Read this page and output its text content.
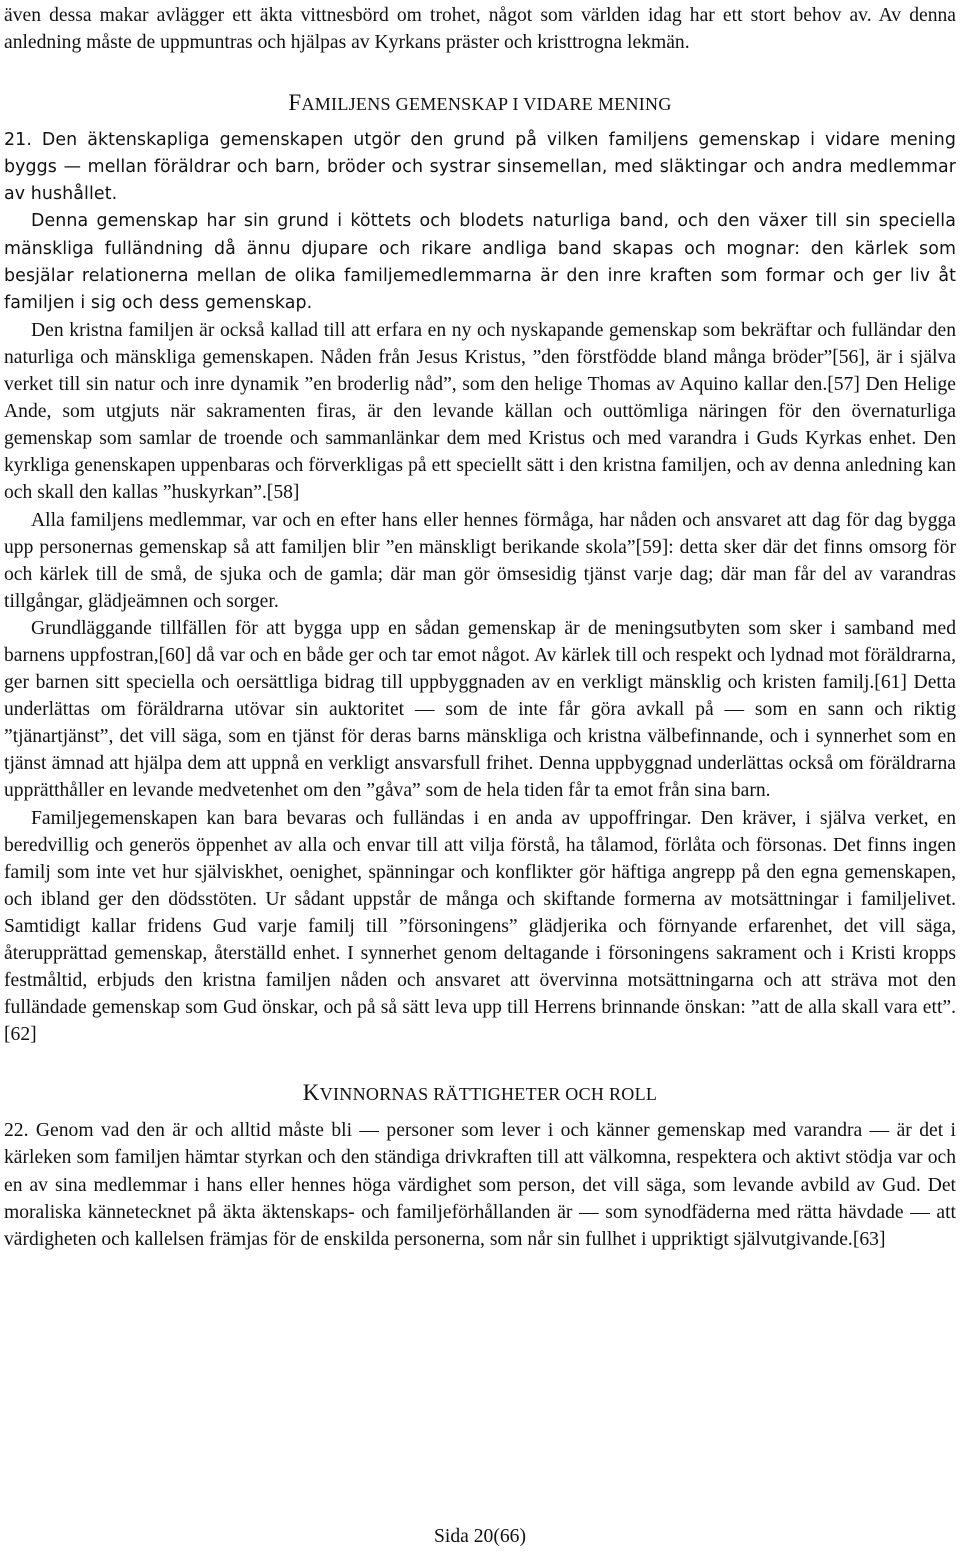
även dessa makar avlägger ett äkta vittnesbörd om trohet, något som världen idag har ett stort behov av. Av denna anledning måste de uppmuntras och hjälpas av Kyrkans präster och kristtrogna lekmän.

FAMILJENS GEMENSKAP I VIDARE MENING

21. Den äktenskapliga gemenskapen utgör den grund på vilken familjens gemenskap i vidare mening byggs — mellan föräldrar och barn, bröder och systrar sinsemellan, med släktingar och andra medlemmar av hushållet.

Denna gemenskap har sin grund i köttets och blodets naturliga band, och den växer till sin speciella mänskliga fulländning då ännu djupare och rikare andliga band skapas och mognar: den kärlek som besjälar relationerna mellan de olika familjemedlemmarna är den inre kraften som formar och ger liv åt familjen i sig och dess gemenskap.

Den kristna familjen är också kallad till att erfara en ny och nyskapande gemenskap som bekräftar och fulländar den naturliga och mänskliga gemenskapen. Nåden från Jesus Kristus, ”den förstfödde bland många bröder”[56], är i själva verket till sin natur och inre dynamik ”en broderlig nåd”, som den helige Thomas av Aquino kallar den.[57] Den Helige Ande, som utgjuts när sakramenten firas, är den levande källan och outtömliga näringen för den övernaturliga gemenskap som samlar de troende och sammanlänkar dem med Kristus och med varandra i Guds Kyrkas enhet. Den kyrkliga genenskapen uppenbaras och förverkligas på ett speciellt sätt i den kristna familjen, och av denna anledning kan och skall den kallas ”huskyrkan”.[58]

Alla familjens medlemmar, var och en efter hans eller hennes förmåga, har nåden och ansvaret att dag för dag bygga upp personernas gemenskap så att familjen blir ”en mänskligt berikande skola”[59]: detta sker där det finns omsorg för och kärlek till de små, de sjuka och de gamla; där man gör ömsesidig tjänst varje dag; där man får del av varandras tillgångar, glädjeämnen och sorger.

Grundläggande tillfällen för att bygga upp en sådan gemenskap är de meningsutbyten som sker i samband med barnens uppfostran,[60] då var och en både ger och tar emot något. Av kärlek till och respekt och lydnad mot föräldrarna, ger barnen sitt speciella och oersättliga bidrag till uppbyggnaden av en verkligt mänsklig och kristen familj.[61] Detta underlättas om föräldrarna utövar sin auktoritet — som de inte får göra avkall på — som en sann och riktig ”tjänartjänst”, det vill säga, som en tjänst för deras barns mänskliga och kristna välbefinnande, och i synnerhet som en tjänst ämnad att hjälpa dem att uppnå en verkligt ansvarsfull frihet. Denna uppbyggnad underlättas också om föräldrarna upprätthåller en levande medvetenhet om den ”gåva” som de hela tiden får ta emot från sina barn.

Familjegemenskapen kan bara bevaras och fulländas i en anda av uppoffringar. Den kräver, i själva verket, en beredvillig och generös öppenhet av alla och envar till att vilja förstå, ha tålamod, förlåta och försonas. Det finns ingen familj som inte vet hur själviskhet, oenighet, spänningar och konflikter gör häftiga angrepp på den egna gemenskapen, och ibland ger den dödsstöten. Ur sådant uppstår de många och skiftande formerna av motsättningar i familjelivet. Samtidigt kallar fridens Gud varje familj till ”försoningens” glädjerika och förnyande erfarenhet, det vill säga, återupprättad gemenskap, återställd enhet. I synnerhet genom deltagande i försoningens sakrament och i Kristi kropps festmåltid, erbjuds den kristna familjen nåden och ansvaret att övervinna motsättningarna och att sträva mot den fulländade gemenskap som Gud önskar, och på så sätt leva upp till Herrens brinnande önskan: ”att de alla skall vara ett”.[62]

KVINNORNAS RÄTTIGHETER OCH ROLL

22. Genom vad den är och alltid måste bli — personer som lever i och känner gemenskap med varandra — är det i kärleken som familjen hämtar styrkan och den ständiga drivkraften till att välkomna, respektera och aktivt stödja var och en av sina medlemmar i hans eller hennes höga värdighet som person, det vill säga, som levande avbild av Gud. Det moraliska kännetecknet på äkta äktenskaps- och familjeförhållanden är — som synodfäderna med rätta hävdade — att värdigheten och kallelsen främjas för de enskilda personerna, som når sin fullhet i uppriktigt självutgivande.[63]

Sida 20(66)
